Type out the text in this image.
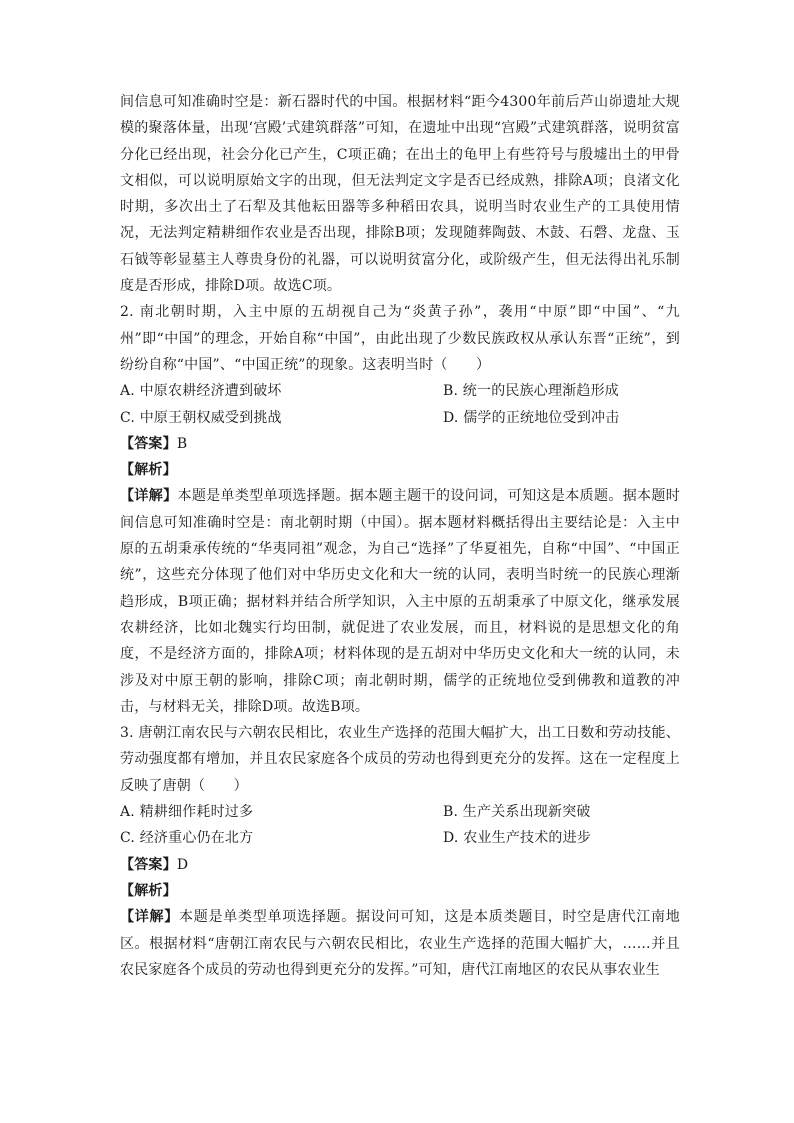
间信息可知准确时空是：新石器时代的中国。根据材料“距今4300年前后芦山峁遗址大规模的聚落体量，出现‘宫殿’式建筑群落”可知，在遗址中出现“宫殿”式建筑群落，说明贫富分化已经出现，社会分化已产生，C项正确；在出土的龟甲上有些符号与殷墟出土的甲骨文相似，可以说明原始文字的出现，但无法判定文字是否已经成熟，排除A项；良渚文化时期，多次出土了石犁及其他耘田器等多种稻田农具，说明当时农业生产的工具使用情况，无法判定精耕细作农业是否出现，排除B项；发现随葬陶鼓、木鼓、石磬、龙盘、玉石钺等彰显墓主人尊贵身份的礼器，可以说明贫富分化，或阶级产生，但无法得出礼乐制度是否形成，排除D项。故选C项。

2. 南北朝时期，入主中原的五胡视自己为“炎黄子孙”，袭用“中原”即“中国”、“九州”即“中国”的理念，开始自称“中国”，由此出现了少数民族政权从承认东晋“正统”，到纷纷自称“中国”、“中国正统”的现象。这表明当时（　　）

A. 中原农耕经济遭到破坏	B. 统一的民族心理渐趋形成
C. 中原王朝权威受到挑战	D. 儒学的正统地位受到冲击
【答案】B
【解析】

【详解】本题是单类型单项选择题。据本题主题干的设问词，可知这是本质题。据本题时间信息可知准确时空是：南北朝时期（中国）。据本题材料概括得出主要结论是：入主中原的五胡秉承传统的“华夷同祖”观念，为自己“选择”了华夏祖先，自称“中国”、“中国正统”，这些充分体现了他们对中华历史文化和大一统的认同，表明当时统一的民族心理渐趋形成，B项正确；据材料并结合所学知识，入主中原的五胡秉承了中原文化，继承发展农耕经济，比如北魏实行均田制，就促进了农业发展，而且，材料说的是思想文化的角度，不是经济方面的，排除A项；材料体现的是五胡对中华历史文化和大一统的认同，未涉及对中原王朝的影响，排除C项；南北朝时期，儒学的正统地位受到佛教和道教的冲击，与材料无关，排除D项。故选B项。

3. 唐朝江南农民与六朝农民相比，农业生产选择的范围大幅扩大，出工日数和劳动技能、劳动强度都有增加，并且农民家庭各个成员的劳动也得到更充分的发挥。这在一定程度上反映了唐朝（　　）

A. 精耕细作耗时过多	B. 生产关系出现新突破
C. 经济重心仍在北方	D. 农业生产技术的进步
【答案】D
【解析】

【详解】本题是单类型单项选择题。据设问可知，这是本质类题目，时空是唐代江南地区。根据材料“唐朝江南农民与六朝农民相比，农业生产选择的范围大幅扩大，……并且农民家庭各个成员的劳动也得到更充分的发挥。”可知，唐代江南地区的农民从事农业生
